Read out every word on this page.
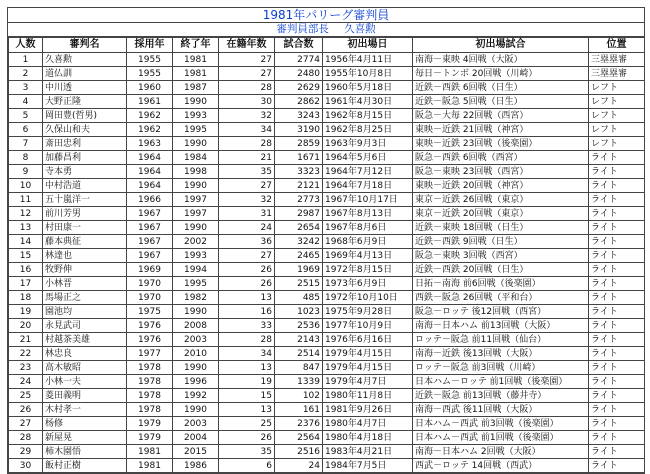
1981年パリーグ審判員
審判員部長 久喜勲
人数	審判名	採用年	終了年	在籍年数	試合数	初出場日	初出場試合	位置
1	久喜勲	1955	1981	27	2774	1956年4月11日	南海－東映 4回戦（大阪）	三塁塁審
2	道仏訓	1955	1981	27	2480	1955年10月8日	毎日－トンボ 20回戦（川崎）	三塁塁審
3	中川透	1960	1987	28	2629	1960年5月18日	近鉄－西鉄 6回戦（日生）	レフト
4	大野正隆	1961	1990	30	2862	1961年4月30日	近鉄－阪急 5回戦（日生）	レフト
5	岡田豊(哲男)	1962	1993	32	3243	1962年8月15日	阪急－大毎 22回戦（西宮）	レフト
6	久保山和夫	1962	1995	34	3190	1962年8月25日	東映－近鉄 21回戦（神宮）	レフト
7	斎田忠利	1963	1990	28	2859	1963年9月3日	東映－近鉄 23回戦（後楽園）	レフト
8	加藤昌利	1964	1984	21	1671	1964年5月6日	阪急－西鉄 6回戦（西宮）	ライト
9	寺本勇	1964	1998	35	3323	1964年7月12日	阪急－東映 23回戦（西宮）	ライト
10	中村浩道	1964	1990	27	2121	1964年7月18日	東映－近鉄 20回戦（神宮）	ライト
11	五十嵐洋一	1966	1997	32	2773	1967年10月17日	東京－近鉄 26回戦（東京）	ライト
12	前川芳男	1967	1997	31	2987	1967年8月13日	東京－近鉄 20回戦（東京）	ライト
13	村田康一	1967	1990	24	2654	1967年8月6日	近鉄－東映 18回戦（日生）	ライト
14	藤本典征	1967	2002	36	3242	1968年6月9日	近鉄－西鉄 9回戦（日生）	ライト
15	林達也	1967	1993	27	2465	1969年4月13日	阪急－東映 3回戦（西宮）	ライト
16	牧野伸	1969	1994	26	1969	1972年8月15日	近鉄－西鉄 20回戦（日生）	ライト
17	小林晋	1970	1995	26	2515	1973年6月9日	日拓－南海 前6回戦（後楽園）	ライト
18	馬場正之	1970	1982	13	485	1972年10月10日	西鉄－阪急 26回戦（平和台）	ライト
19	園池均	1975	1990	16	1023	1975年9月28日	阪急－ロッテ 後12回戦（西宮）	ライト
20	永見武司	1976	2008	33	2536	1977年10月9日	南海－日本ハム 前13回戦（大阪）	ライト
21	村越茶美雄	1976	2003	28	2143	1976年6月16日	ロッテ－阪急 前11回戦（仙台）	ライト
22	林忠良	1977	2010	34	2514	1979年4月15日	南海－近鉄 後13回戦（大阪）	ライト
23	高木敏昭	1978	1990	13	847	1979年4月15日	ロッテ－阪急 前3回戦（川崎）	ライト
24	小林一夫	1978	1996	19	1339	1979年4月7日	日本ハム－ロッテ 前1回戦（後楽園）	ライト
25	菱田義明	1978	1992	15	102	1980年11月8日	近鉄－阪急 前13回戦（藤井寺）	ライト
26	木村孝一	1978	1990	13	161	1981年9月26日	南海－西武 後11回戦（大阪）	ライト
27	杨修	1979	2003	25	2376	1980年4月7日	日本ハム－西武 前3回戦（後楽園）	ライト
28	新屋晃	1979	2004	26	2564	1980年4月18日	日本ハム－西武 前1回戦（後楽園）	ライト
29	柿木園悟	1981	2015	35	2516	1983年4月21日	南海－日本ハム 2回戦（大阪）	ライト
30	飯村正樹	1981	1986	6	24	1984年7月5日	西武－ロッテ 14回戦（西武）	ライト
